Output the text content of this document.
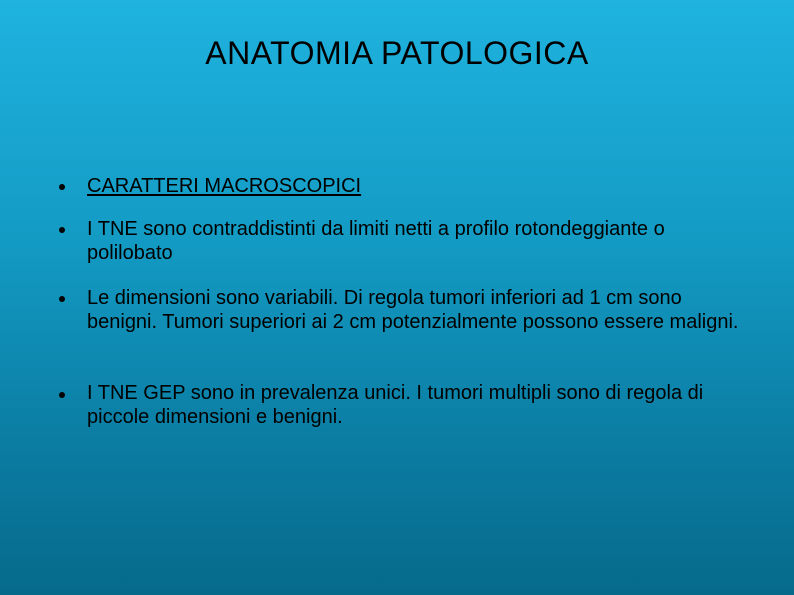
ANATOMIA PATOLOGICA

CARATTERI MACROSCOPICI

I TNE sono contraddistinti da limiti netti a profilo rotondeggiante o polilobato

Le dimensioni sono variabili. Di regola tumori inferiori ad 1 cm sono benigni. Tumori superiori ai 2 cm potenzialmente possono essere maligni.

I TNE GEP sono in prevalenza unici. I tumori multipli sono di regola di piccole dimensioni e benigni.
